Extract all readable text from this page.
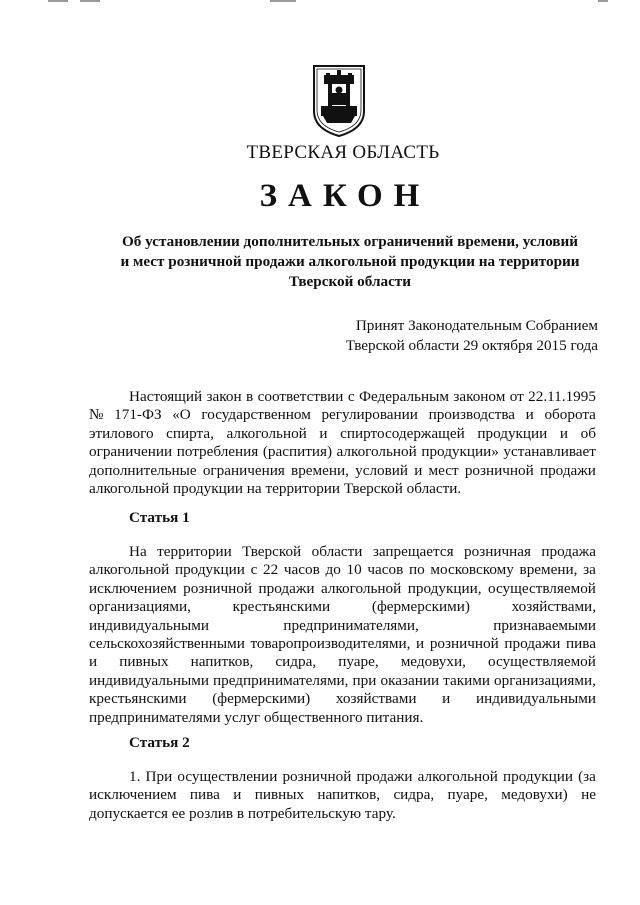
ТВЕРСКАЯ ОБЛАСТЬ
ЗАКОН
Об установлении дополнительных ограничений времени, условий
и мест розничной продажи алкогольной продукции на территории
Тверской области
Принят Законодательным Собранием
Тверской области 29 октября 2015 года
Настоящий закон в соответствии с Федеральным законом от 22.11.1995
№ 171-ФЗ «О государственном регулировании производства и оборота
этилового спирта, алкогольной и спиртосодержащей продукции и об
ограничении потребления (распития) алкогольной продукции» устанавливает
дополнительные ограничения времени, условий и мест розничной продажи
алкогольной продукции на территории Тверской области.
Статья 1
На территории Тверской области запрещается розничная продажа
алкогольной продукции с 22 часов до 10 часов по московскому времени, за
исключением розничной продажи алкогольной продукции, осуществляемой
организациями,	крестьянскими	(фермерскими)	хозяйствами,
индивидуальными	предпринимателями,	признаваемыми
сельскохозяйственными товаропроизводителями, и розничной продажи пива
и пивных напитков, сидра, пуаре, медовухи, осуществляемой
индивидуальными предпринимателями, при оказании такими организациями,
крестьянскими (фермерскими) хозяйствами и индивидуальными
предпринимателями услуг общественного питания.
Статья 2
1. При осуществлении розничной продажи алкогольной продукции (за
исключением пива и пивных напитков, сидра, пуаре, медовухи) не
допускается ее розлив в потребительскую тару.
